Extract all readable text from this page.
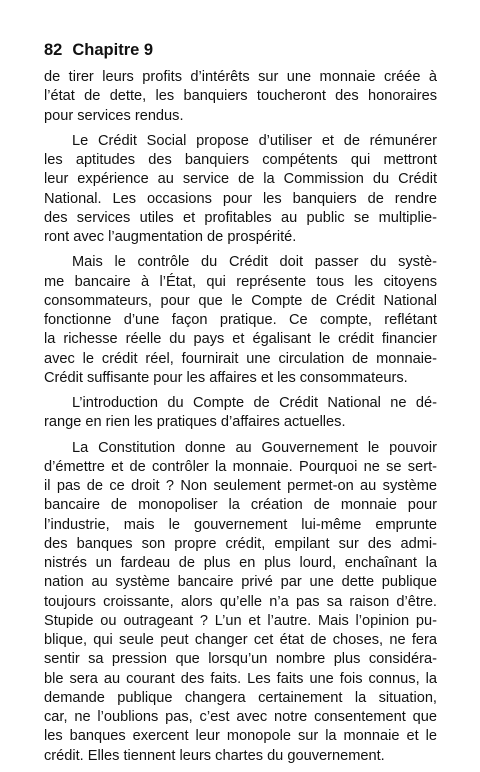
82 Chapitre 9
de tirer leurs profits d’intérêts sur une monnaie créée à
l’état de dette, les banquiers toucheront des honoraires
pour services rendus.
Le Crédit Social propose d’utiliser et de rémunérer
les aptitudes des banquiers compétents qui mettront
leur expérience au service de la Commission du Crédit
National. Les occasions pour les banquiers de rendre
des services utiles et profitables au public se multiplie-
ront avec l’augmentation de prospérité.
Mais le contrôle du Crédit doit passer du systè-
me bancaire à l’État, qui représente tous les citoyens
consommateurs, pour que le Compte de Crédit National
fonctionne d’une façon pratique. Ce compte, reflétant
la richesse réelle du pays et égalisant le crédit financier
avec le crédit réel, fournirait une circulation de monnaie-
Crédit suffisante pour les affaires et les consommateurs.
L’introduction du Compte de Crédit National ne dé-
range en rien les pratiques d’affaires actuelles.
La Constitution donne au Gouvernement le pouvoir
d’émettre et de contrôler la monnaie. Pourquoi ne se sert-
il pas de ce droit ? Non seulement permet-on au système
bancaire de monopoliser la création de monnaie pour
l’industrie, mais le gouvernement lui-même emprunte
des banques son propre crédit, empilant sur des admi-
nistrés un fardeau de plus en plus lourd, enchaînant la
nation au système bancaire privé par une dette publique
toujours croissante, alors qu’elle n’a pas sa raison d’être.
Stupide ou outrageant ? L’un et l’autre. Mais l’opinion pu-
blique, qui seule peut changer cet état de choses, ne fera
sentir sa pression que lorsqu’un nombre plus considéra-
ble sera au courant des faits. Les faits une fois connus, la
demande publique changera certainement la situation,
car, ne l’oublions pas, c’est avec notre consentement que
les banques exercent leur monopole sur la monnaie et le
crédit. Elles tiennent leurs chartes du gouvernement.
